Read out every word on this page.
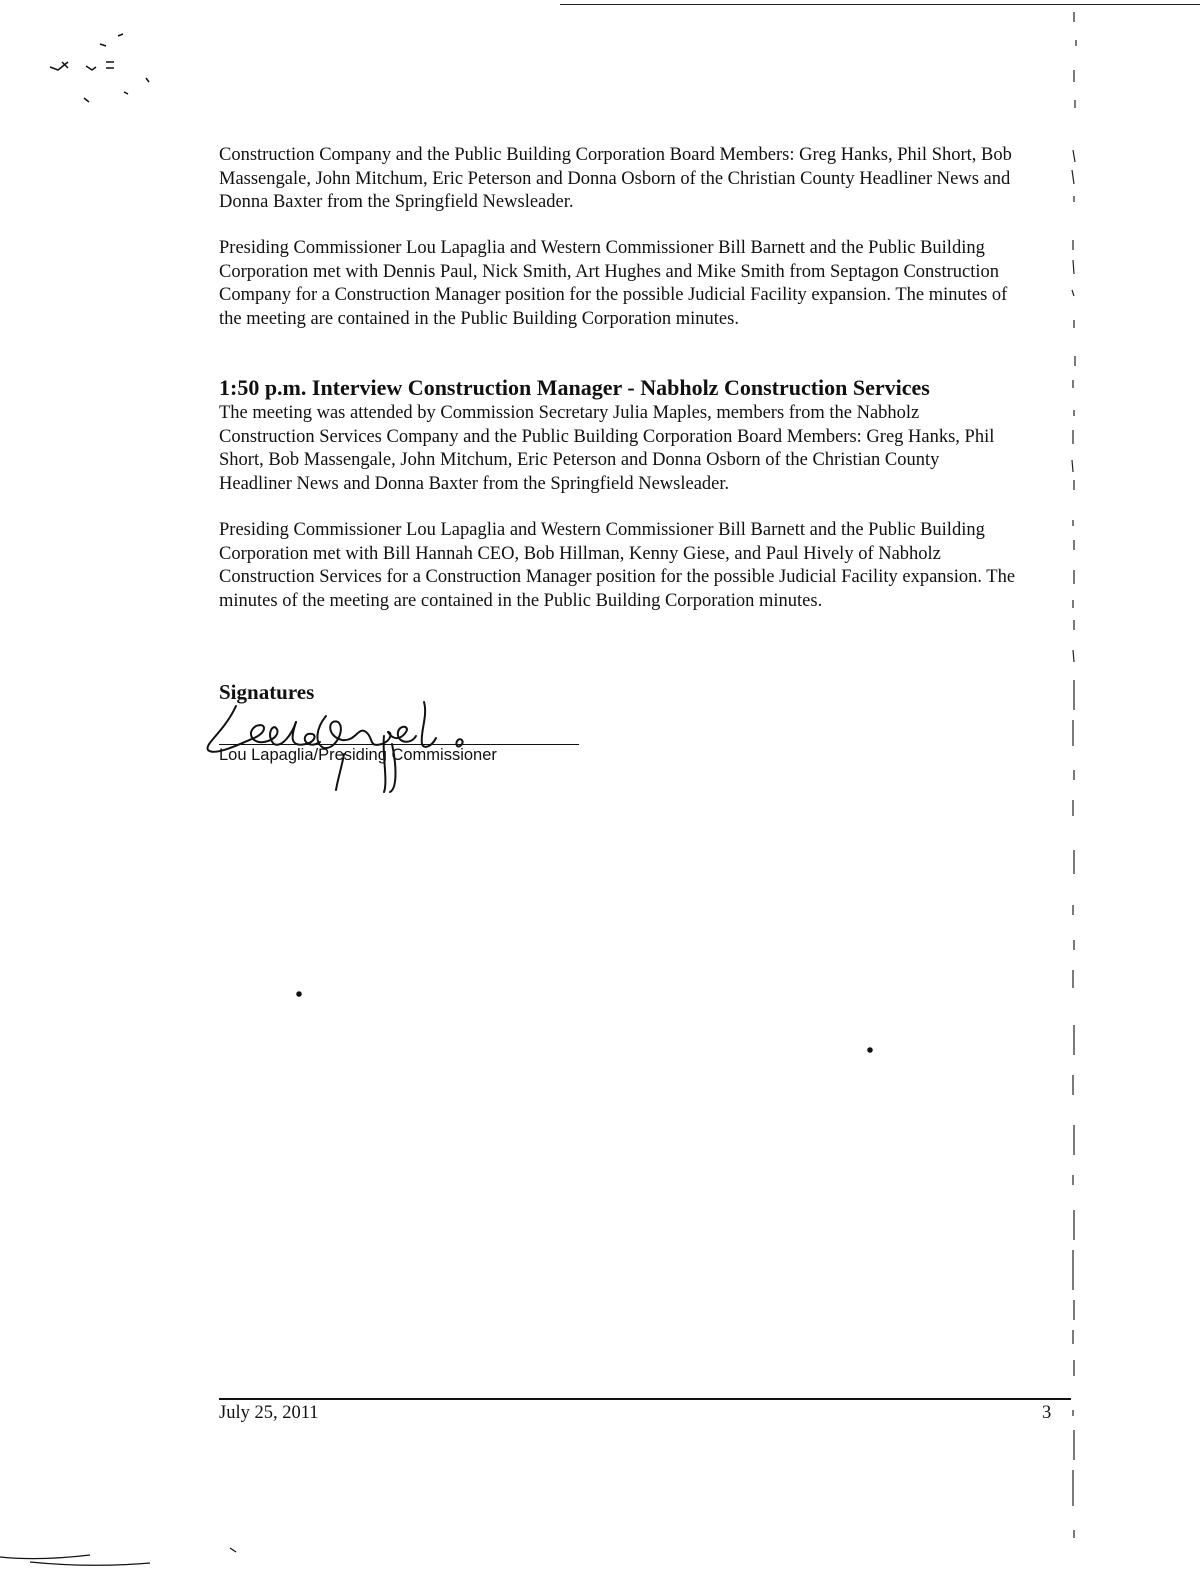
Construction Company and the Public Building Corporation Board Members: Greg Hanks, Phil Short, Bob
Massengale, John Mitchum, Eric Peterson and Donna Osborn of the Christian County Headliner News and
Donna Baxter from the Springfield Newsleader.

Presiding Commissioner Lou Lapaglia and Western Commissioner Bill Barnett and the Public Building
Corporation met with Dennis Paul, Nick Smith, Art Hughes and Mike Smith from Septagon Construction
Company for a Construction Manager position for the possible Judicial Facility expansion. The minutes of
the meeting are contained in the Public Building Corporation minutes.

1:50 p.m. Interview Construction Manager - Nabholz Construction Services

The meeting was attended by Commission Secretary Julia Maples, members from the Nabholz
Construction Services Company and the Public Building Corporation Board Members: Greg Hanks, Phil
Short, Bob Massengale, John Mitchum, Eric Peterson and Donna Osborn of the Christian County
Headliner News and Donna Baxter from the Springfield Newsleader.

Presiding Commissioner Lou Lapaglia and Western Commissioner Bill Barnett and the Public Building
Corporation met with Bill Hannah CEO, Bob Hillman, Kenny Giese, and Paul Hively of Nabholz
Construction Services for a Construction Manager position for the possible Judicial Facility expansion. The
minutes of the meeting are contained in the Public Building Corporation minutes.

Signatures
Lou Lapaglia/Presiding Commissioner
July 25, 2011	3
